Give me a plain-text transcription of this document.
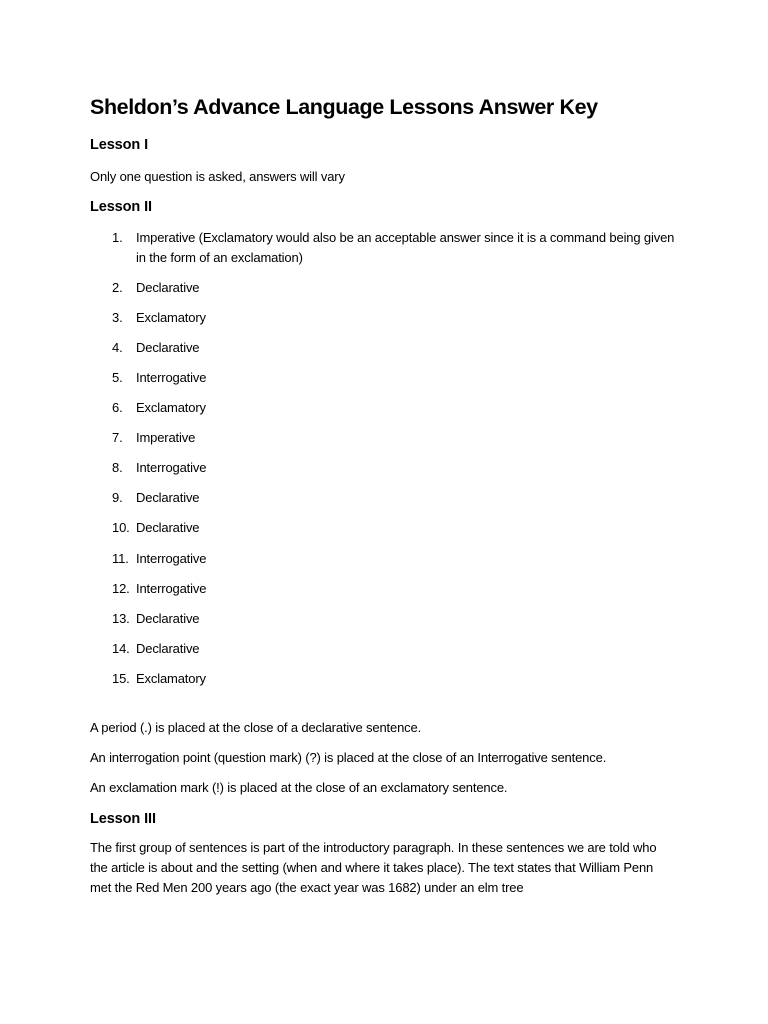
Sheldon’s Advance Language Lessons Answer Key
Lesson I

Only one question is asked, answers will vary

Lesson II
1. Imperative (Exclamatory would also be an acceptable answer since it is a command being given in the form of an exclamation)
2. Declarative
3. Exclamatory
4. Declarative
5. Interrogative
6. Exclamatory
7. Imperative
8. Interrogative
9. Declarative
10. Declarative
11. Interrogative
12. Interrogative
13. Declarative
14. Declarative
15. Exclamatory

A period (.) is placed at the close of a declarative sentence.

An interrogation point (question mark) (?) is placed at the close of an Interrogative sentence.

An exclamation mark (!) is placed at the close of an exclamatory sentence.

Lesson III

The first group of sentences is part of the introductory paragraph. In these sentences we are told who the article is about and the setting (when and where it takes place). The text states that William Penn met the Red Men 200 years ago (the exact year was 1682) under an elm tree
